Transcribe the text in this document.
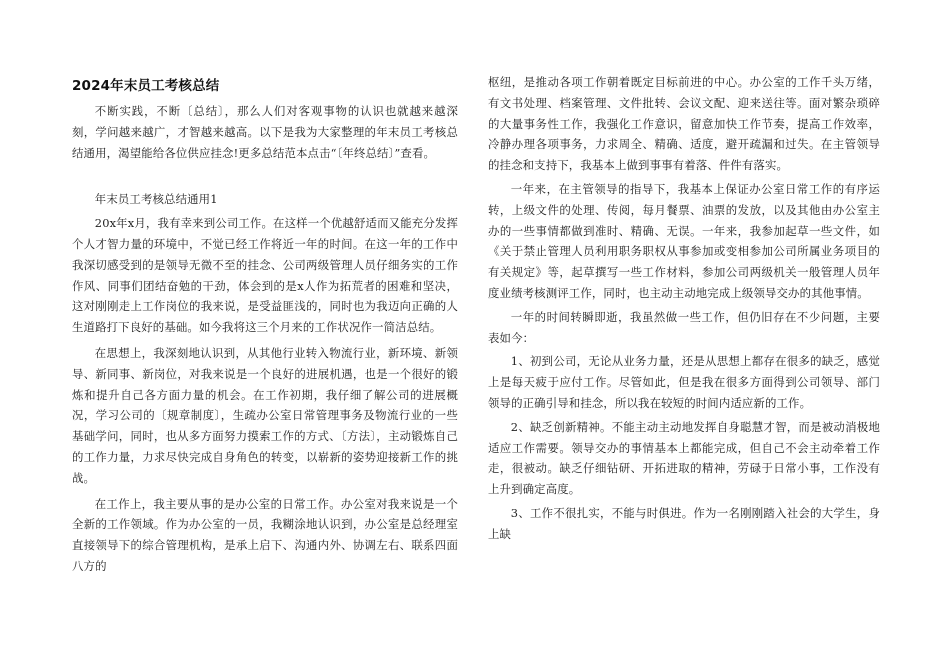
2024年末员工考核总结

不断实践，不断〔总结〕，那么人们对客观事物的认识也就越来越深刻，学问越来越广，才智越来越高。以下是我为大家整理的年末员工考核总结通用，渴望能给各位供应挂念!更多总结范本点击“〔年终总结〕”查看。

年末员工考核总结通用1

20x年x月，我有幸来到公司工作。在这样一个优越舒适而又能充分发挥个人才智力量的环境中，不觉已经工作将近一年的时间。在这一年的工作中我深切感受到的是领导无微不至的挂念、公司两级管理人员仔细务实的工作作风、同事们团结奋勉的干劲，体会到的是x人作为拓荒者的困难和坚决，这对刚刚走上工作岗位的我来说，是受益匪浅的，同时也为我迈向正确的人生道路打下良好的基础。如今我将这三个月来的工作状况作一简洁总结。

在思想上，我深刻地认识到，从其他行业转入物流行业，新环境、新领导、新同事、新岗位，对我来说是一个良好的进展机遇，也是一个很好的锻炼和提升自己各方面力量的机会。在工作初期，我仔细了解公司的进展概况，学习公司的〔规章制度〕，生疏办公室日常管理事务及物流行业的一些基础学问，同时，也从多方面努力摸索工作的方式、〔方法〕，主动锻炼自己的工作力量，力求尽快完成自身角色的转变，以崭新的姿势迎接新工作的挑战。

在工作上，我主要从事的是办公室的日常工作。办公室对我来说是一个全新的工作领域。作为办公室的一员，我糊涂地认识到，办公室是总经理室直接领导下的综合管理机构，是承上启下、沟通内外、协调左右、联系四面八方的

枢纽，是推动各项工作朝着既定目标前进的中心。办公室的工作千头万绪，有文书处理、档案管理、文件批转、会议文配、迎来送往等。面对繁杂琐碎的大量事务性工作，我强化工作意识，留意加快工作节奏，提高工作效率，冷静办理各项事务，力求周全、精确、适度，避开疏漏和过失。在主管领导的挂念和支持下，我基本上做到事事有着落、件件有落实。

一年来，在主管领导的指导下，我基本上保证办公室日常工作的有序运转，上级文件的处理、传阅，每月餐票、油票的发放，以及其他由办公室主办的一些事情都做到准时、精确、无误。一年来，我参加起草一些文件，如《关于禁止管理人员利用职务职权从事参加或变相参加公司所属业务项目的有关规定》等，起草撰写一些工作材料，参加公司两级机关一般管理人员年度业绩考核测评工作，同时，也主动主动地完成上级领导交办的其他事情。

一年的时间转瞬即逝，我虽然做一些工作，但仍旧存在不少问题，主要表如今：

1、初到公司，无论从业务力量，还是从思想上都存在很多的缺乏，感觉上是每天疲于应付工作。尽管如此，但是我在很多方面得到公司领导、部门领导的正确引导和挂念，所以我在较短的时间内适应新的工作。

2、缺乏创新精神。不能主动主动地发挥自身聪慧才智，而是被动消极地适应工作需要。领导交办的事情基本上都能完成，但自己不会主动牵着工作走，很被动。缺乏仔细钻研、开拓进取的精神，劳碌于日常小事，工作没有上升到确定高度。

3、工作不很扎实，不能与时俱进。作为一名刚刚踏入社会的大学生，身上缺
